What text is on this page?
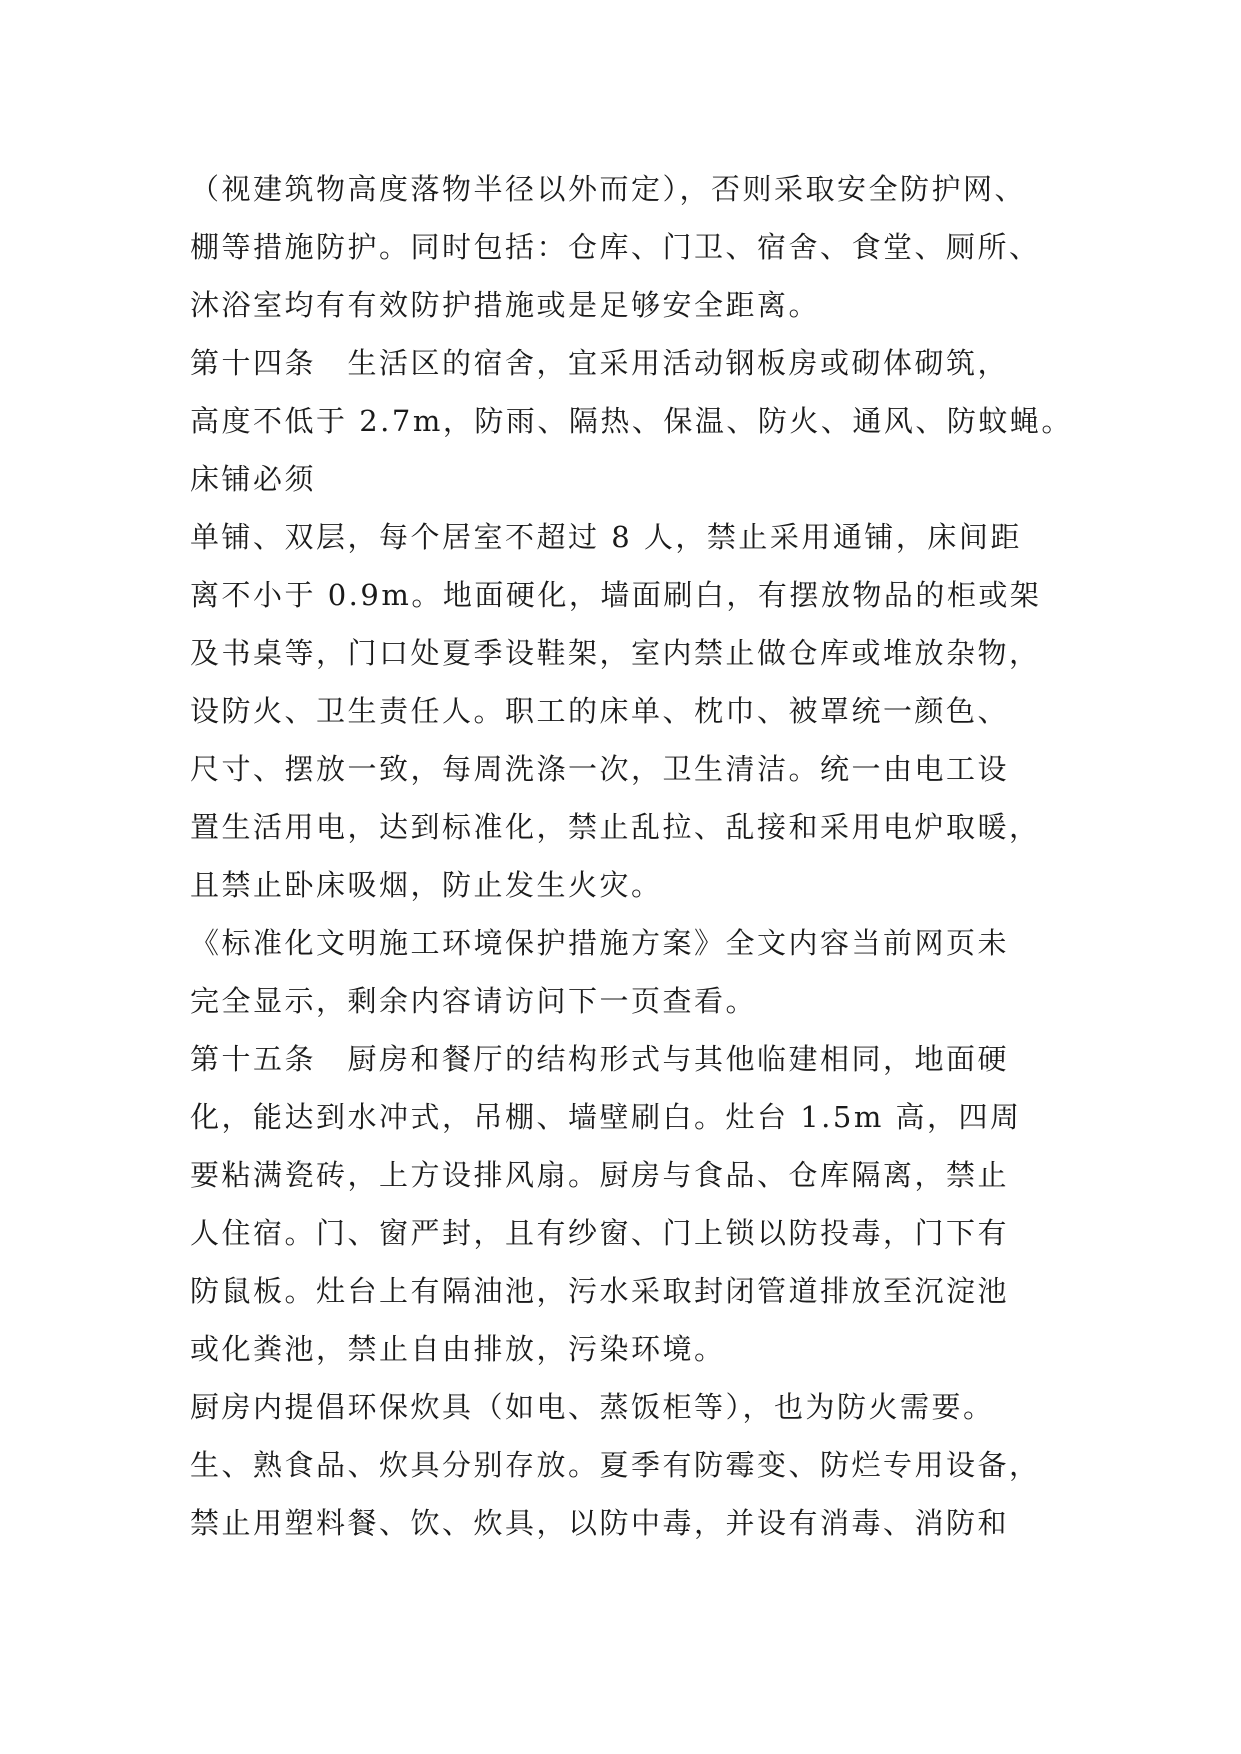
（视建筑物高度落物半径以外而定），否则采取安全防护网、

棚等措施防护。同时包括：仓库、门卫、宿舍、食堂、厕所、

沐浴室均有有效防护措施或是足够安全距离。

第十四条　生活区的宿舍，宜采用活动钢板房或砌体砌筑，

高度不低于 2.7m，防雨、隔热、保温、防火、通风、防蚊蝇。

床铺必须

单铺、双层，每个居室不超过 8 人，禁止采用通铺，床间距

离不小于 0.9m。地面硬化，墙面刷白，有摆放物品的柜或架

及书桌等，门口处夏季设鞋架，室内禁止做仓库或堆放杂物，

设防火、卫生责任人。职工的床单、枕巾、被罩统一颜色、

尺寸、摆放一致，每周洗涤一次，卫生清洁。统一由电工设

置生活用电，达到标准化，禁止乱拉、乱接和采用电炉取暖，

且禁止卧床吸烟，防止发生火灾。

《标准化文明施工环境保护措施方案》全文内容当前网页未

完全显示，剩余内容请访问下一页查看。

第十五条　厨房和餐厅的结构形式与其他临建相同，地面硬

化，能达到水冲式，吊棚、墙壁刷白。灶台 1.5m 高，四周

要粘满瓷砖，上方设排风扇。厨房与食品、仓库隔离，禁止

人住宿。门、窗严封，且有纱窗、门上锁以防投毒，门下有

防鼠板。灶台上有隔油池，污水采取封闭管道排放至沉淀池

或化粪池，禁止自由排放，污染环境。

厨房内提倡环保炊具（如电、蒸饭柜等），也为防火需要。

生、熟食品、炊具分别存放。夏季有防霉变、防烂专用设备，

禁止用塑料餐、饮、炊具，以防中毒，并设有消毒、消防和
